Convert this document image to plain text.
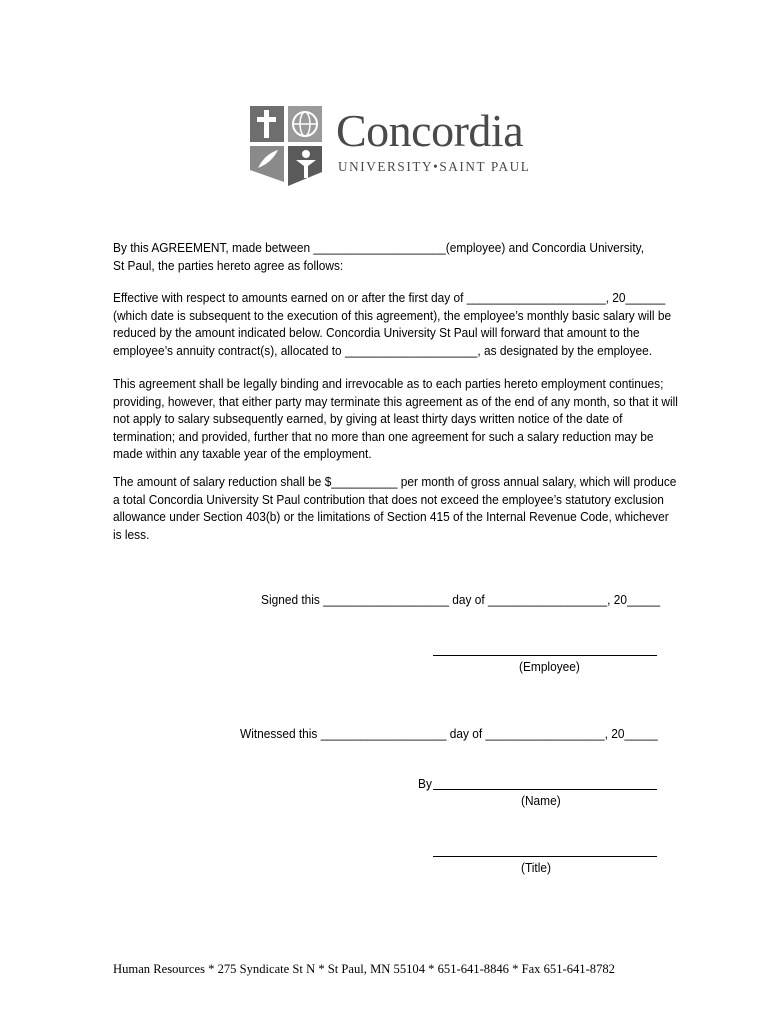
Concordia
UNIVERSITY•SAINT PAUL
By this AGREEMENT, made between ____________________(employee) and Concordia University,
St Paul, the parties hereto agree as follows:
Effective with respect to amounts earned on or after the first day of _____________________, 20______
(which date is subsequent to the execution of this agreement), the employee’s monthly basic salary will be
reduced by the amount indicated below. Concordia University St Paul will forward that amount to the
employee’s annuity contract(s), allocated to ____________________, as designated by the employee.
This agreement shall be legally binding and irrevocable as to each parties hereto employment continues;
providing, however, that either party may terminate this agreement as of the end of any month, so that it will
not apply to salary subsequently earned, by giving at least thirty days written notice of the date of
termination; and provided, further that no more than one agreement for such a salary reduction may be
made within any taxable year of the employment.
The amount of salary reduction shall be $__________ per month of gross annual salary, which will produce
a total Concordia University St Paul contribution that does not exceed the employee’s statutory exclusion
allowance under Section 403(b) or the limitations of Section 415 of the Internal Revenue Code, whichever
is less.
Signed this ___________________ day of __________________, 20_____
(Employee)
Witnessed this ___________________ day of __________________, 20_____
By
(Name)
(Title)
Human Resources * 275 Syndicate St N * St Paul, MN 55104 * 651-641-8846 * Fax 651-641-8782
